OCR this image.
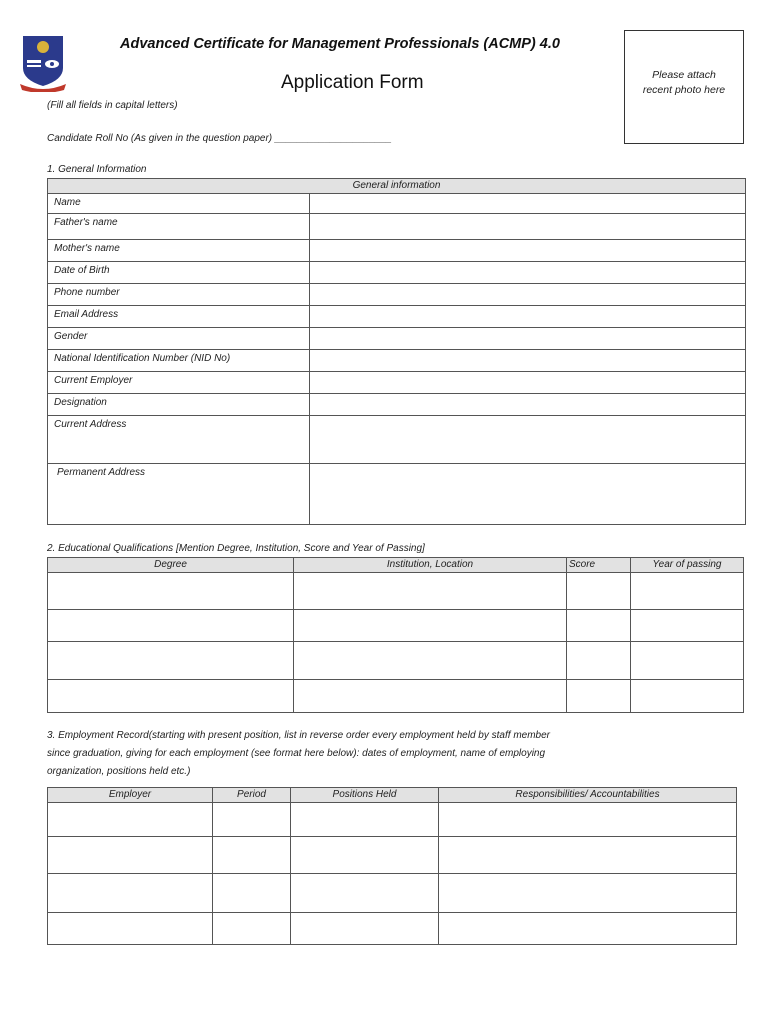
Advanced Certificate for Management Professionals (ACMP) 4.0
Application Form	Please attach
recent photo here
(Fill all fields in capital letters)
Candidate Roll No (As given in the question paper) _____________________
1. General Information
General information	
Name	
Father's name	
Mother's name	
Date of Birth	
Phone number	
Email Address	
Gender	
National Identification Number (NID No)	
Current Employer	
Designation	
Current Address	
Permanent Address	
2. Educational Qualifications [Mention Degree, Institution, Score and Year of Passing]
Degree	Institution, Location	Score	Year of passing

3. Employment Record(starting with present position, list in reverse order every employment held by staff member
since graduation, giving for each employment (see format here below): dates of employment, name of employing
organization, positions held etc.)
Employer	Period	Positions Held	Responsibilities/ Accountabilities
